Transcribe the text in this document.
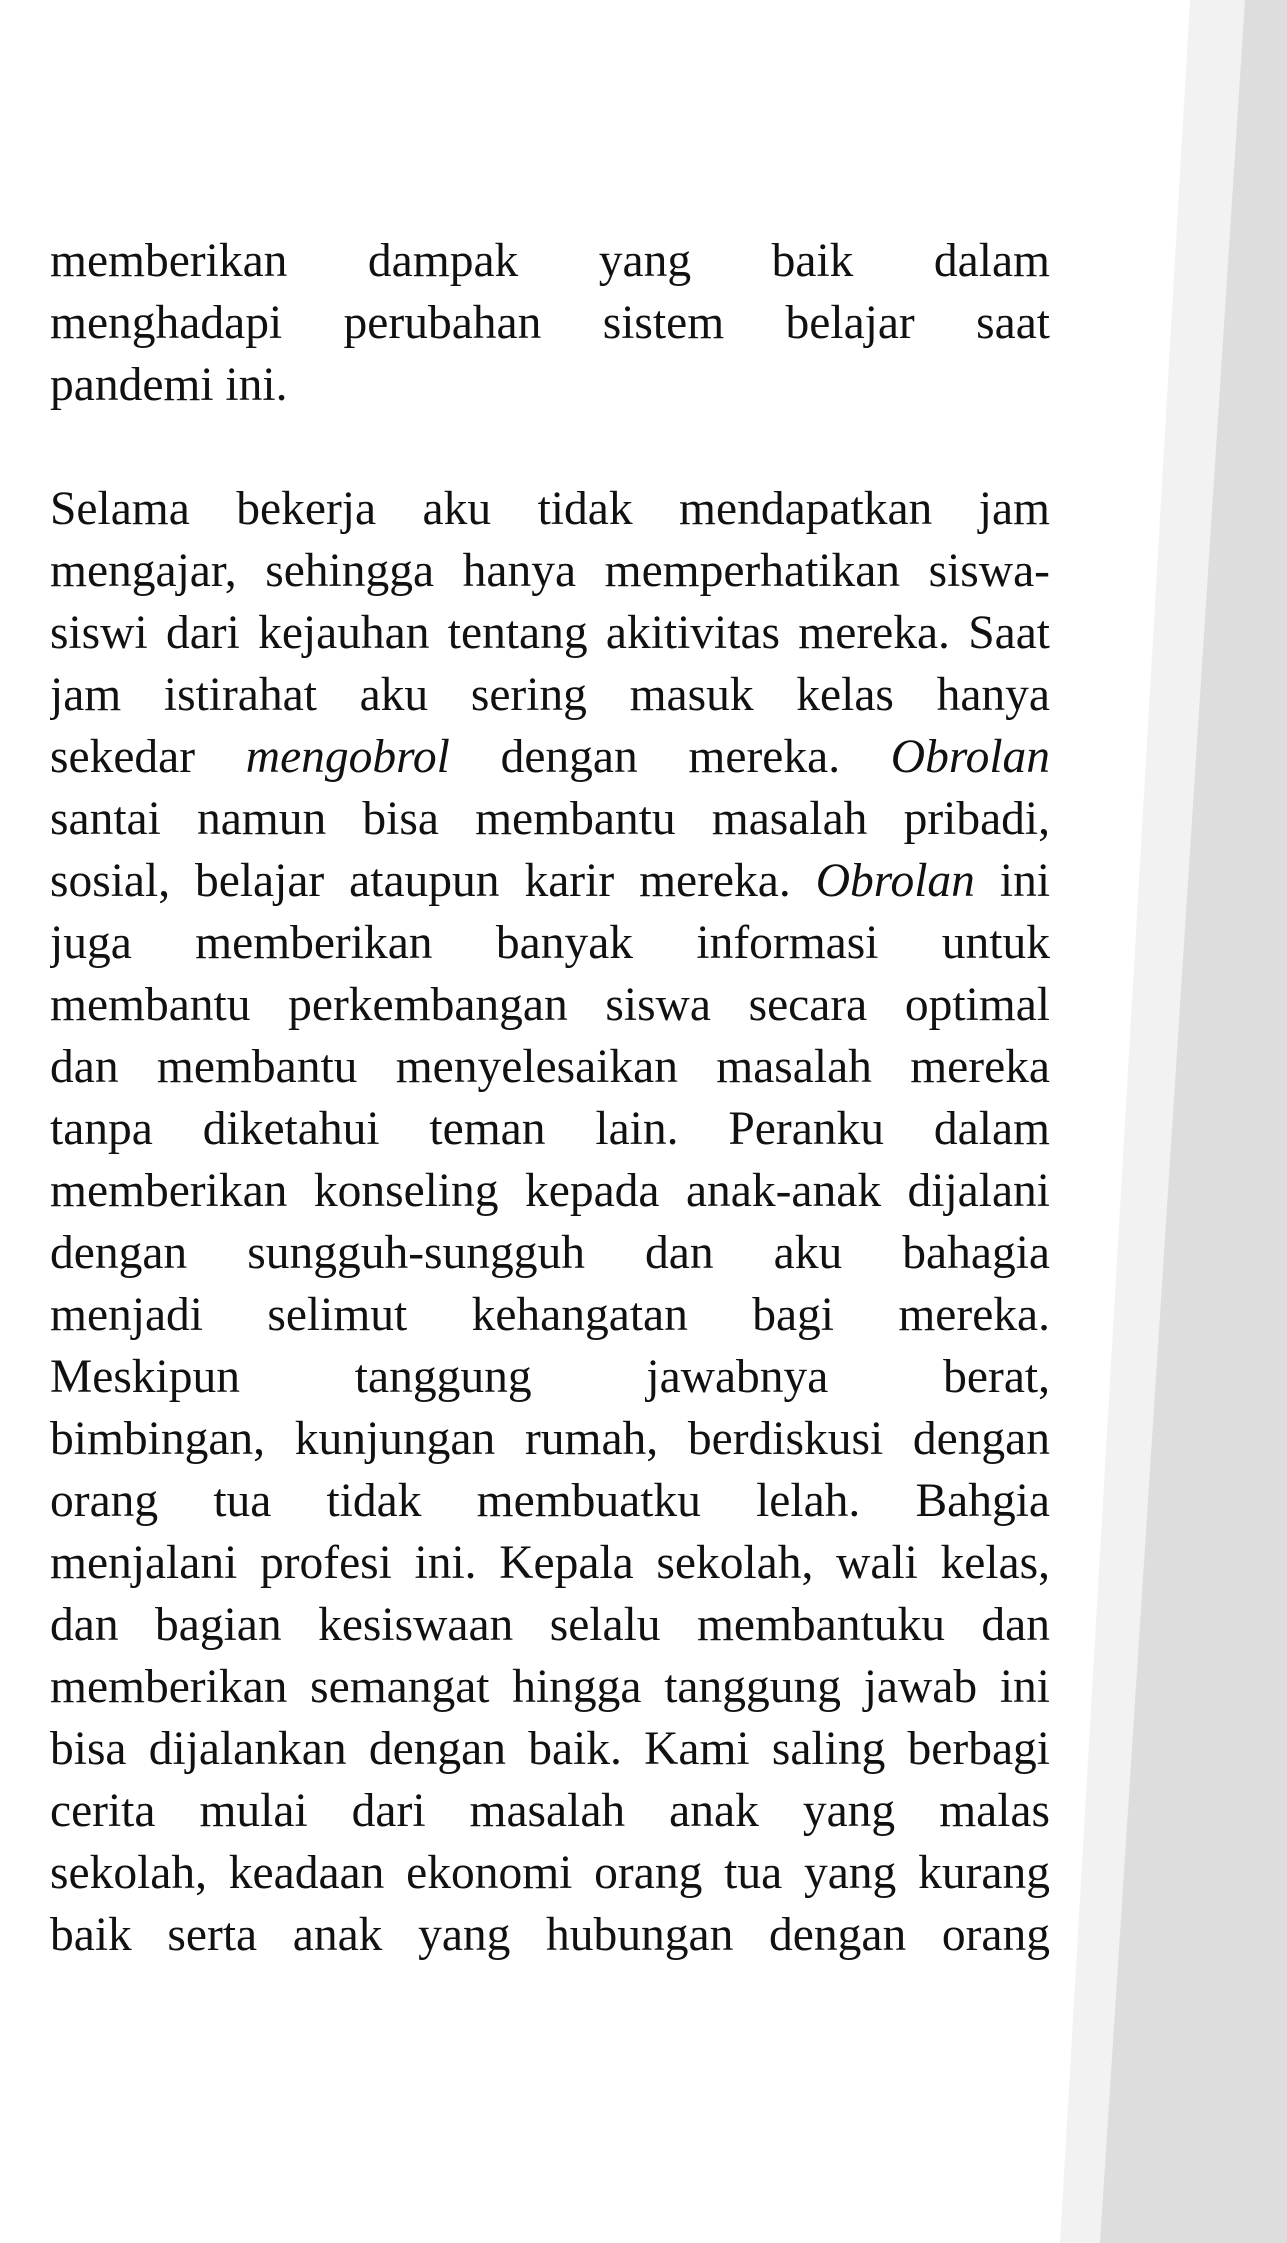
memberikan dampak yang baik dalam
menghadapi perubahan sistem belajar saat
pandemi ini.

Selama bekerja aku tidak mendapatkan jam
mengajar, sehingga hanya memperhatikan siswa-
siswi dari kejauhan tentang akitivitas mereka. Saat
jam istirahat aku sering masuk kelas hanya
sekedar mengobrol dengan mereka. Obrolan
santai namun bisa membantu masalah pribadi,
sosial, belajar ataupun karir mereka. Obrolan ini
juga memberikan banyak informasi untuk
membantu perkembangan siswa secara optimal
dan membantu menyelesaikan masalah mereka
tanpa diketahui teman lain. Peranku dalam
memberikan konseling kepada anak-anak dijalani
dengan sungguh-sungguh dan aku bahagia
menjadi selimut kehangatan bagi mereka.
Meskipun tanggung jawabnya berat,
bimbingan, kunjungan rumah, berdiskusi dengan
orang tua tidak membuatku lelah. Bahgia
menjalani profesi ini. Kepala sekolah, wali kelas,
dan bagian kesiswaan selalu membantuku dan
memberikan semangat hingga tanggung jawab ini
bisa dijalankan dengan baik. Kami saling berbagi
cerita mulai dari masalah anak yang malas
sekolah, keadaan ekonomi orang tua yang kurang
baik serta anak yang hubungan dengan orang
